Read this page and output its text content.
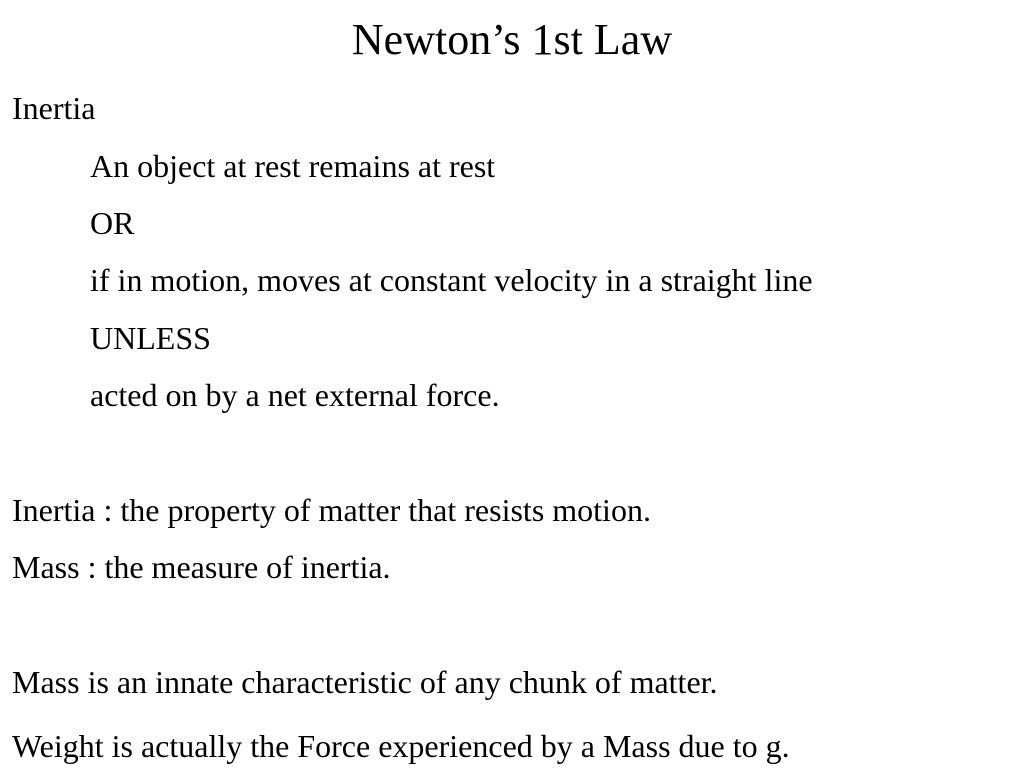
Newton’s 1st Law
Inertia
An object at rest remains at rest
OR
if in motion, moves at constant velocity in a straight line
UNLESS
acted on by a net external force.
Inertia : the property of matter that resists motion.
Mass : the measure of inertia.
Mass is an innate characteristic of any chunk of matter.
Weight is actually the Force experienced by a Mass due to g.
